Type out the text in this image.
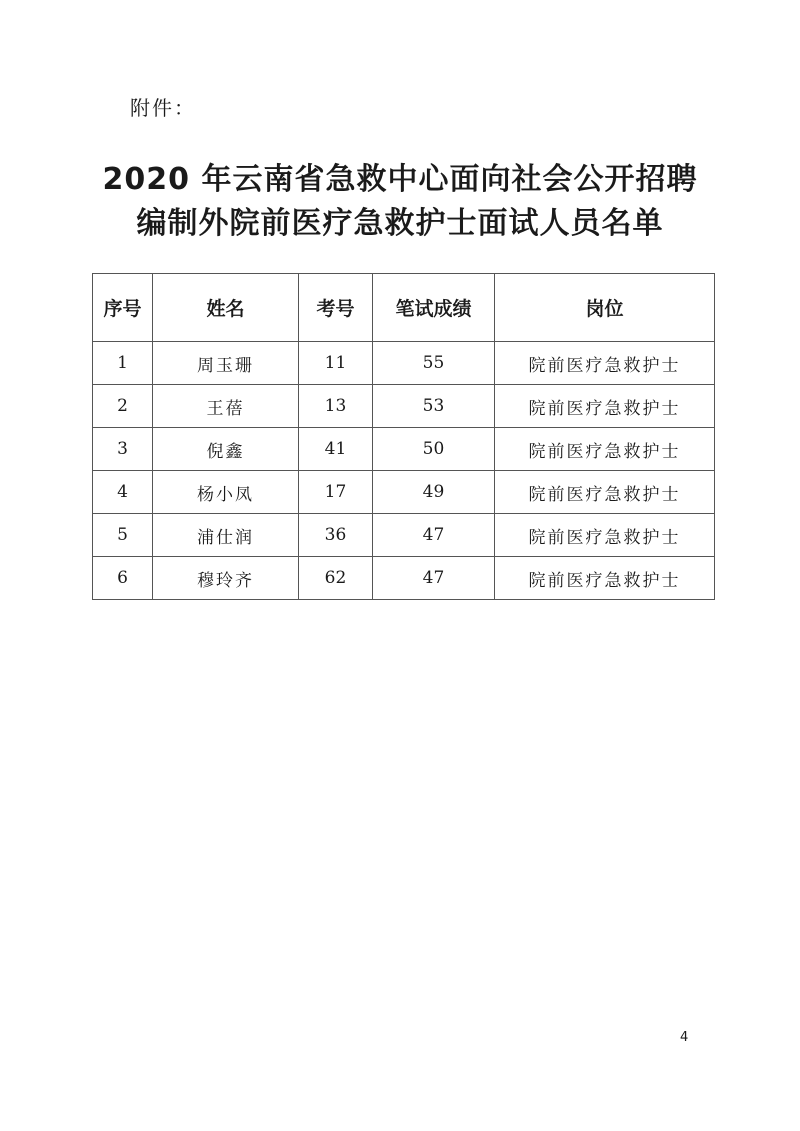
附件：
2020 年云南省急救中心面向社会公开招聘
编制外院前医疗急救护士面试人员名单
序号	姓名	考号	笔试成绩	岗位
1	周玉珊	11	55	院前医疗急救护士
2	王蓓	13	53	院前医疗急救护士
3	倪鑫	41	50	院前医疗急救护士
4	杨小凤	17	49	院前医疗急救护士
5	浦仕润	36	47	院前医疗急救护士
6	穆玲齐	62	47	院前医疗急救护士
4
